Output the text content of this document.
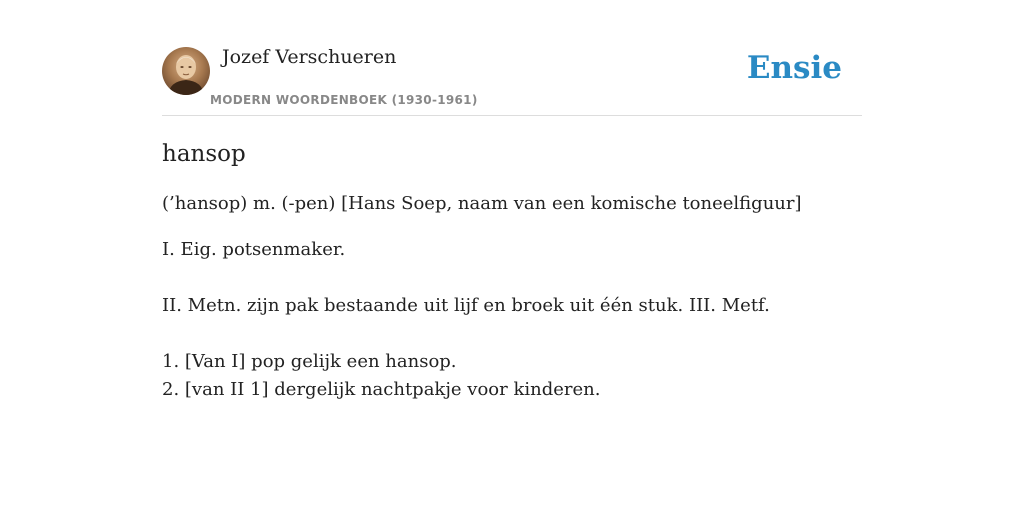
Jozef Verschueren
MODERN WOORDENBOEK (1930-1961)
Ensie
hansop

(’hansop) m. (-pen) [Hans Soep, naam van een komische toneelfiguur]

I. Eig. potsenmaker.

II. Metn. zijn pak bestaande uit lijf en broek uit één stuk. III. Metf.

1. [Van I] pop gelijk een hansop.

2. [van II 1] dergelijk nachtpakje voor kinderen.
